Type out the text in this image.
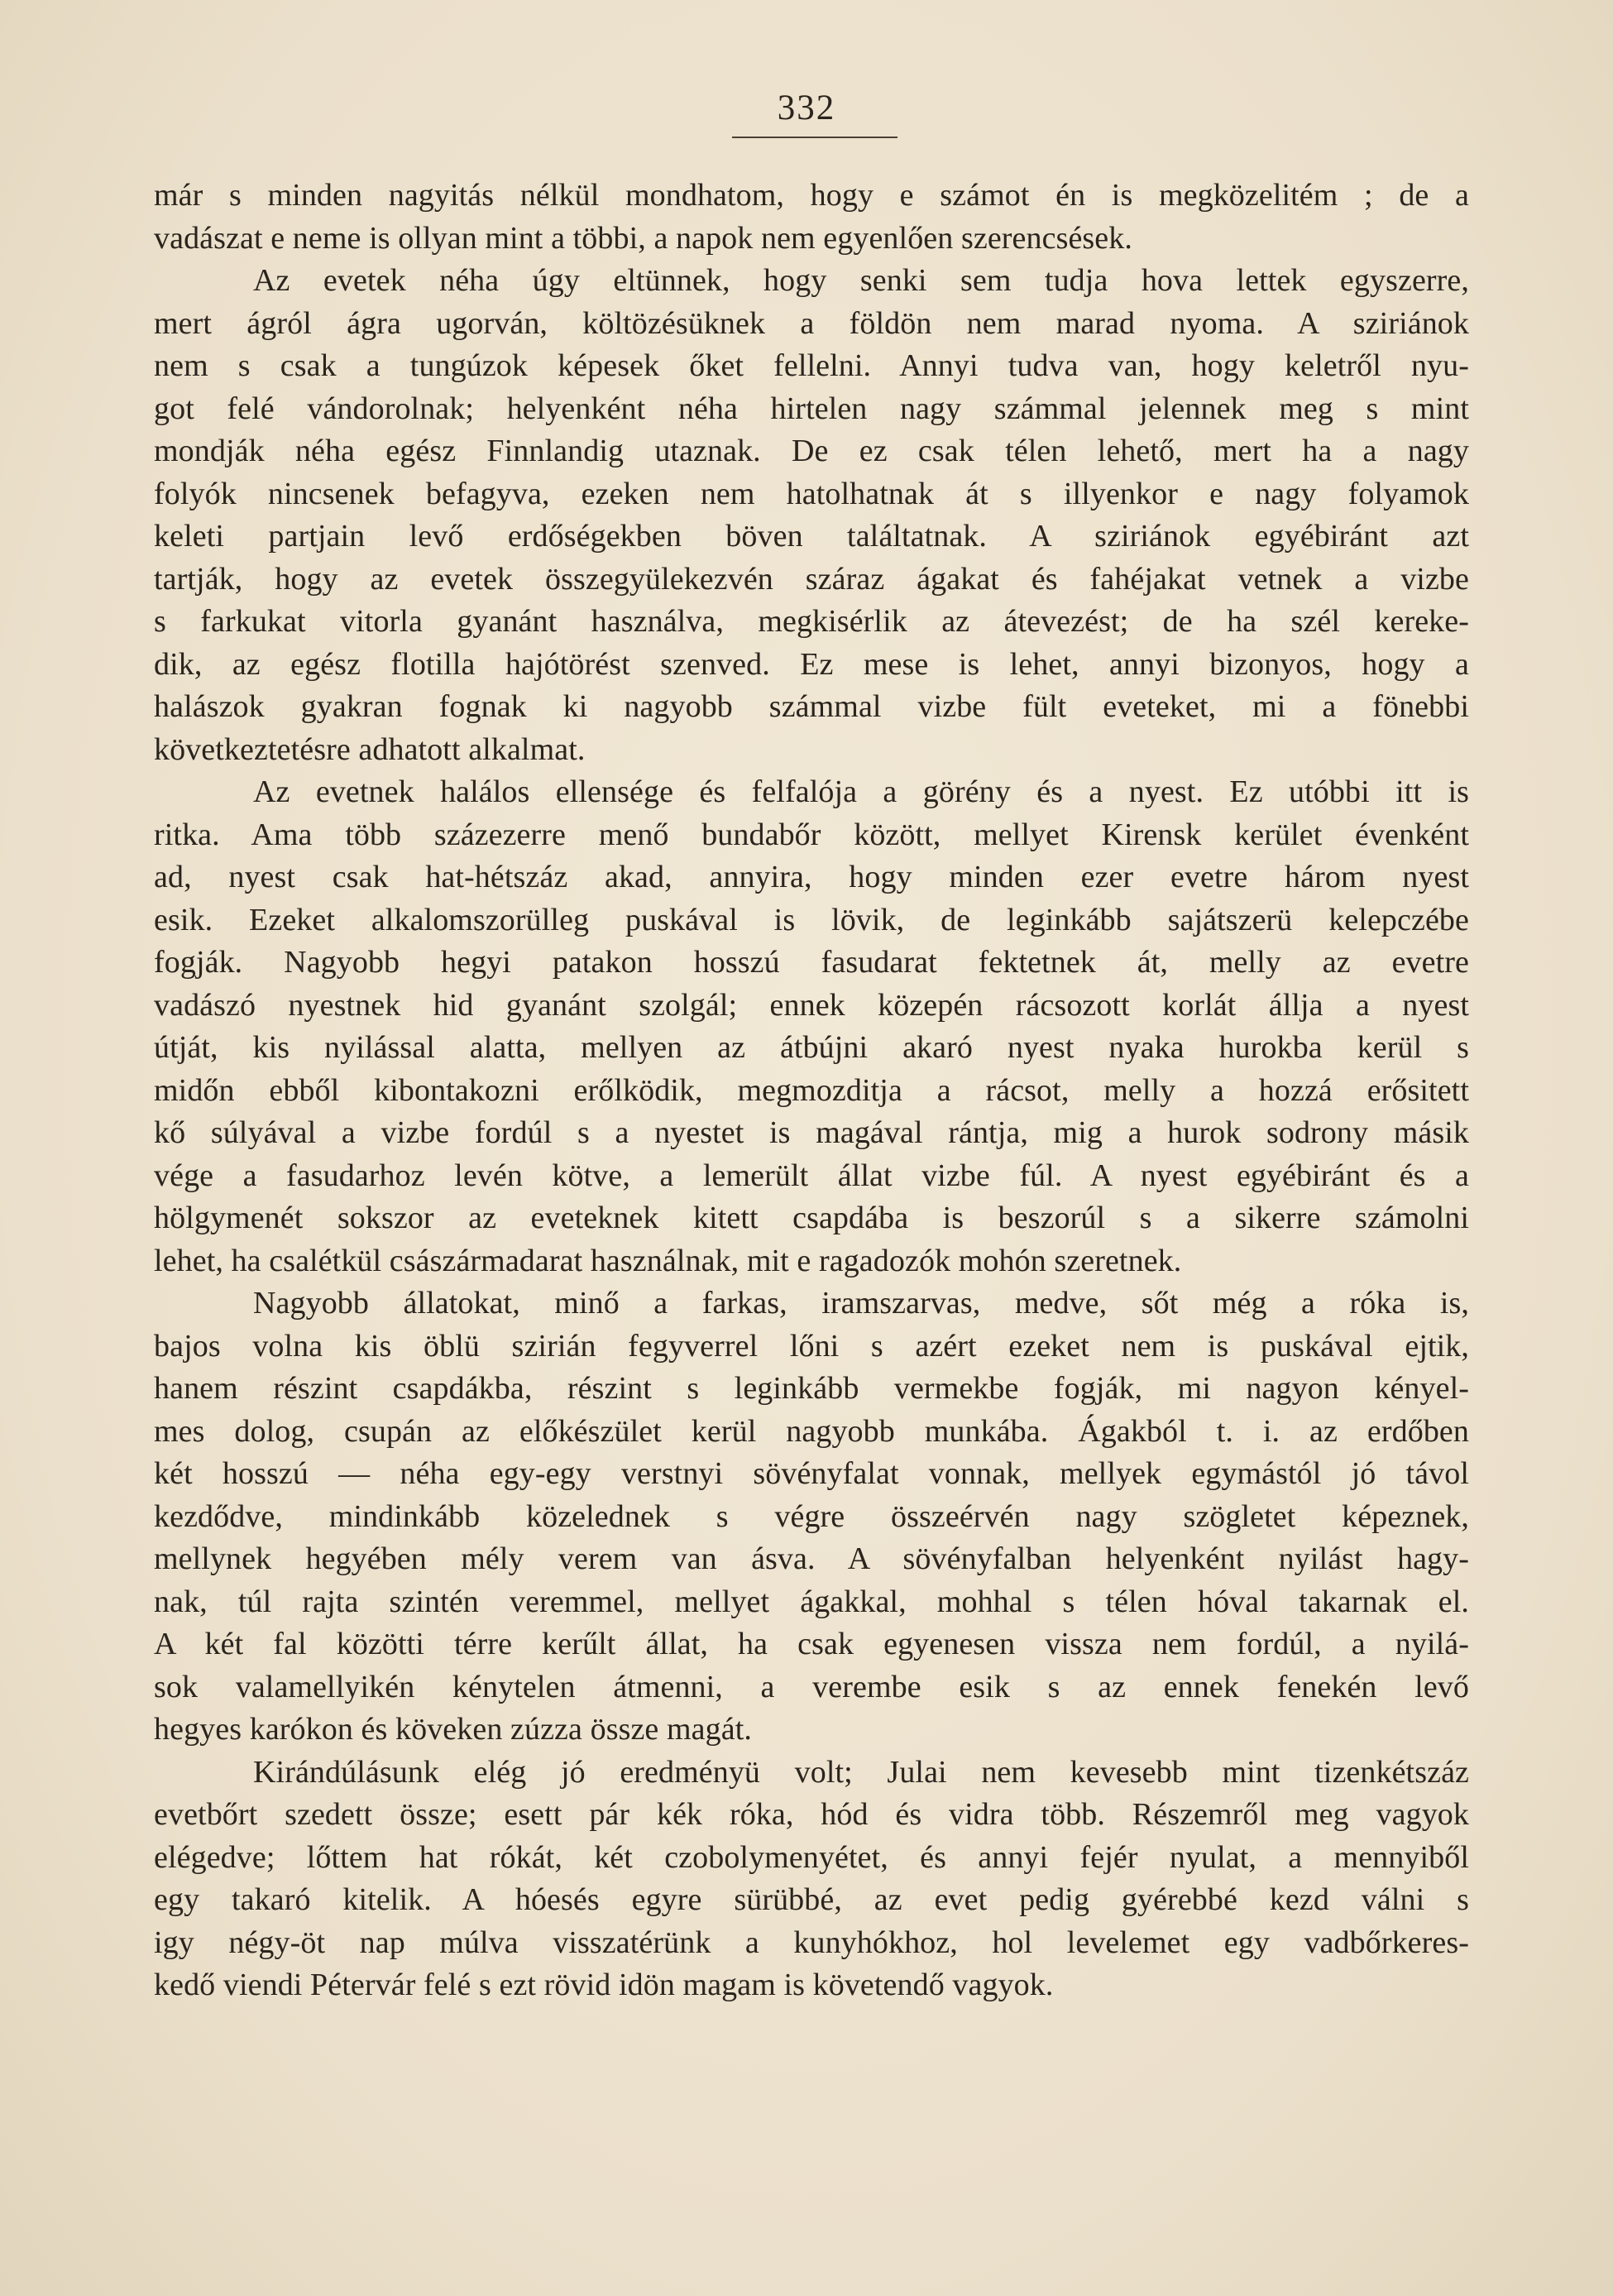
332
már s minden nagyitás nélkül mondhatom, hogy e számot én is megközelitém ; de a
vadászat e neme is ollyan mint a többi, a napok nem egyenlően szerencsések.
Az evetek néha úgy eltünnek, hogy senki sem tudja hova lettek egyszerre,
mert ágról ágra ugorván, költözésüknek a földön nem marad nyoma. A sziriánok
nem s csak a tungúzok képesek őket fellelni. Annyi tudva van, hogy keletről nyu-
got felé vándorolnak; helyenként néha hirtelen nagy számmal jelennek meg s mint
mondják néha egész Finnlandig utaznak. De ez csak télen lehető, mert ha a nagy
folyók nincsenek befagyva, ezeken nem hatolhatnak át s illyenkor e nagy folyamok
keleti partjain levő erdőségekben böven találtatnak. A sziriánok egyébiránt azt
tartják, hogy az evetek összegyülekezvén száraz ágakat és fahéjakat vetnek a vizbe
s farkukat vitorla gyanánt használva, megkisérlik az átevezést; de ha szél kereke-
dik, az egész flotilla hajótörést szenved. Ez mese is lehet, annyi bizonyos, hogy a
halászok gyakran fognak ki nagyobb számmal vizbe fült eveteket, mi a fönebbi
következtetésre adhatott alkalmat.
Az evetnek halálos ellensége és felfalója a görény és a nyest. Ez utóbbi itt is
ritka. Ama több százezerre menő bundabőr között, mellyet Kirensk kerület évenként
ad, nyest csak hat-hétszáz akad, annyira, hogy minden ezer evetre három nyest
esik. Ezeket alkalomszorülleg puskával is lövik, de leginkább sajátszerü kelepczébe
fogják. Nagyobb hegyi patakon hosszú fasudarat fektetnek át, melly az evetre
vadászó nyestnek hid gyanánt szolgál; ennek közepén rácsozott korlát állja a nyest
útját, kis nyilással alatta, mellyen az átbújni akaró nyest nyaka hurokba kerül s
midőn ebből kibontakozni erőlködik, megmozditja a rácsot, melly a hozzá erősitett
kő súlyával a vizbe fordúl s a nyestet is magával rántja, mig a hurok sodrony másik
vége a fasudarhoz levén kötve, a lemerült állat vizbe fúl. A nyest egyébiránt és a
hölgymenét sokszor az eveteknek kitett csapdába is beszorúl s a sikerre számolni
lehet, ha csalétkül császármadarat használnak, mit e ragadozók mohón szeretnek.
Nagyobb állatokat, minő a farkas, iramszarvas, medve, sőt még a róka is,
bajos volna kis öblü szirián fegyverrel lőni s azért ezeket nem is puskával ejtik,
hanem részint csapdákba, részint s leginkább vermekbe fogják, mi nagyon kényel-
mes dolog, csupán az előkészület kerül nagyobb munkába. Ágakból t. i. az erdőben
két hosszú — néha egy-egy verstnyi sövényfalat vonnak, mellyek egymástól jó távol
kezdődve, mindinkább közelednek s végre összeérvén nagy szögletet képeznek,
mellynek hegyében mély verem van ásva. A sövényfalban helyenként nyilást hagy-
nak, túl rajta szintén veremmel, mellyet ágakkal, mohhal s télen hóval takarnak el.
A két fal közötti térre kerűlt állat, ha csak egyenesen vissza nem fordúl, a nyilá-
sok valamellyikén kénytelen átmenni, a verembe esik s az ennek fenekén levő
hegyes karókon és köveken zúzza össze magát.
Kirándúlásunk elég jó eredményü volt; Julai nem kevesebb mint tizenkétszáz
evetbőrt szedett össze; esett pár kék róka, hód és vidra több. Részemről meg vagyok
elégedve; lőttem hat rókát, két czobolymenyétet, és annyi fejér nyulat, a mennyiből
egy takaró kitelik. A hóesés egyre sürübbé, az evet pedig gyérebbé kezd válni s
igy négy-öt nap múlva visszatérünk a kunyhókhoz, hol levelemet egy vadbőrkeres-
kedő viendi Pétervár felé s ezt rövid idön magam is követendő vagyok.
